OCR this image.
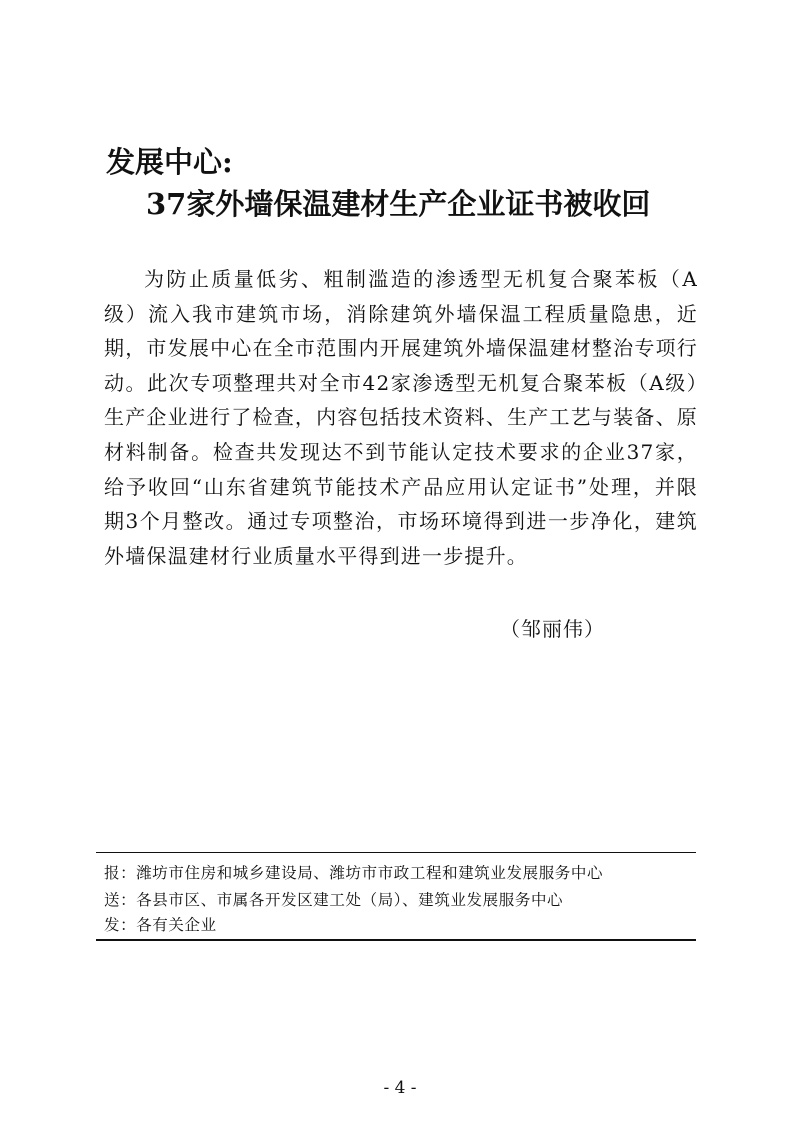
发展中心:
37家外墙保温建材生产企业证书被收回
为防止质量低劣、粗制滥造的渗透型无机复合聚苯板（A级）流入我市建筑市场，消除建筑外墙保温工程质量隐患，近期，市发展中心在全市范围内开展建筑外墙保温建材整治专项行动。此次专项整理共对全市42家渗透型无机复合聚苯板（A级）生产企业进行了检查，内容包括技术资料、生产工艺与装备、原材料制备。检查共发现达不到节能认定技术要求的企业37家，给予收回“山东省建筑节能技术产品应用认定证书”处理，并限期3个月整改。通过专项整治，市场环境得到进一步净化，建筑外墙保温建材行业质量水平得到进一步提升。
（邹丽伟）
报：潍坊市住房和城乡建设局、潍坊市市政工程和建筑业发展服务中心
送：各县市区、市属各开发区建工处（局）、建筑业发展服务中心
发：各有关企业
- 4 -
